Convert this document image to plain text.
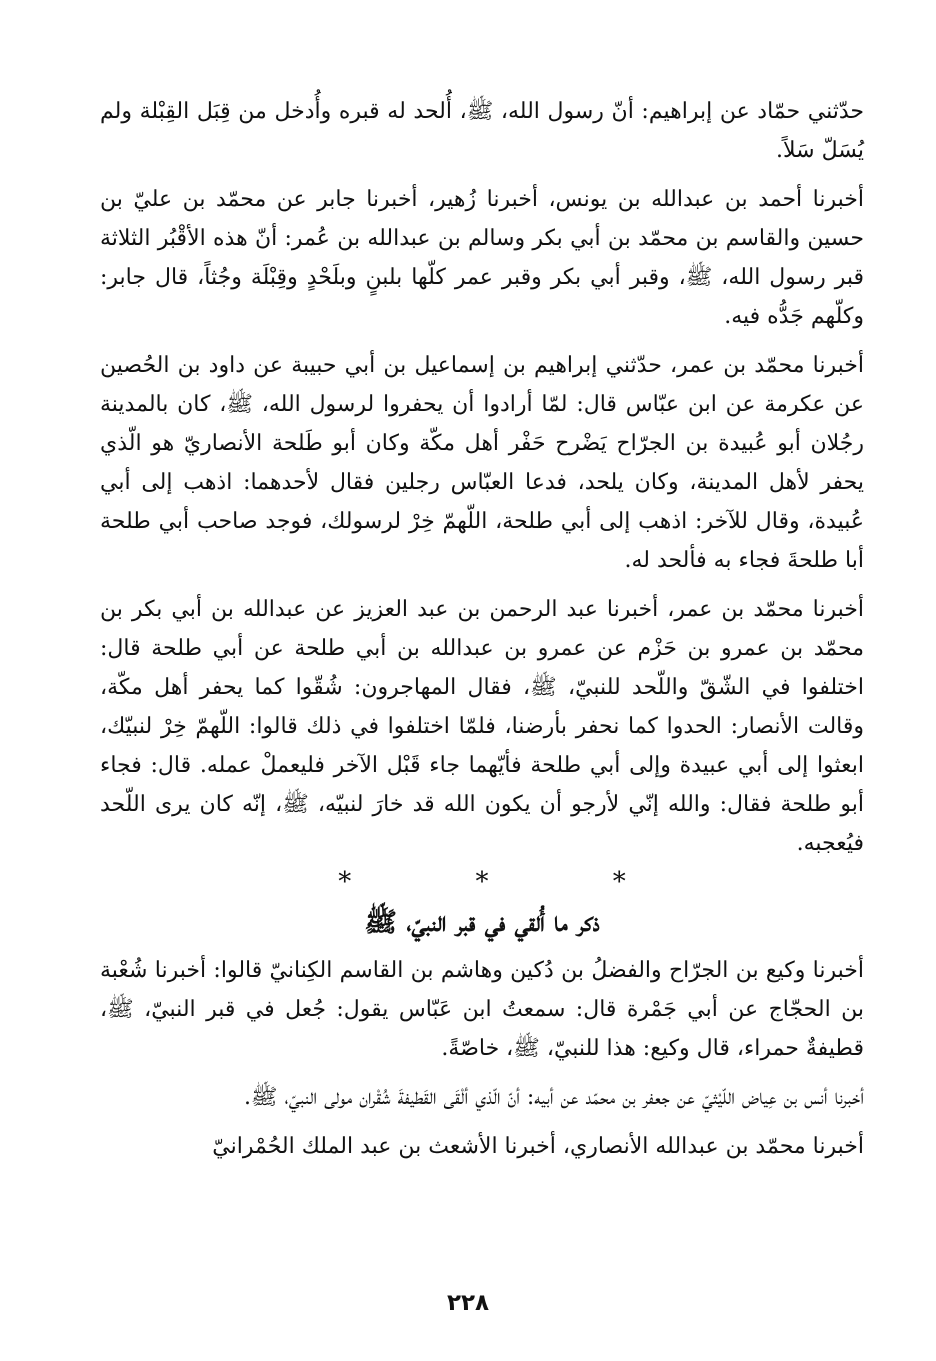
حدّثني حمّاد عن إبراهيم: أنّ رسول الله، ﷺ، أُلحد له قبره وأُدخل من قِبَل القِبْلة ولم يُسَلّ سَلاً.

أخبرنا أحمد بن عبدالله بن يونس، أخبرنا زُهير، أخبرنا جابر عن محمّد بن عليّ بن حسين والقاسم بن محمّد بن أبي بكر وسالم بن عبدالله بن عُمر: أنّ هذه الأقْبُر الثلاثة قبر رسول الله، ﷺ، وقبر أبي بكر وقبر عمر كلّها بلبنٍ وبلَحْدٍ وقِبْلَة وجُثاً، قال جابر: وكلّهم جَدُّه فيه.

أخبرنا محمّد بن عمر، حدّثني إبراهيم بن إسماعيل بن أبي حبيبة عن داود بن الحُصين عن عكرمة عن ابن عبّاس قال: لمّا أرادوا أن يحفروا لرسول الله، ﷺ، كان بالمدينة رجُلان أبو عُبيدة بن الجرّاح يَضْرح حَفْر أهل مكّة وكان أبو طَلحة الأنصاريّ هو الّذي يحفر لأهل المدينة، وكان يلحد، فدعا العبّاس رجلين فقال لأحدهما: اذهب إلى أبي عُبيدة، وقال للآخر: اذهب إلى أبي طلحة، اللّهمّ خِرْ لرسولك، فوجد صاحب أبي طلحة أبا طلحةَ فجاء به فألحد له.

أخبرنا محمّد بن عمر، أخبرنا عبد الرحمن بن عبد العزيز عن عبدالله بن أبي بكر بن محمّد بن عمرو بن حَزْم عن عمرو بن عبدالله بن أبي طلحة عن أبي طلحة قال: اختلفوا في الشّقّ واللّحد للنبيّ، ﷺ، فقال المهاجرون: شُقّوا كما يحفر أهل مكّة، وقالت الأنصار: الحدوا كما نحفر بأرضنا، فلمّا اختلفوا في ذلك قالوا: اللّهمّ خِرْ لنبيّك، ابعثوا إلى أبي عبيدة وإلى أبي طلحة فأيّهما جاء قَبْل الآخر فليعملْ عمله. قال: فجاء أبو طلحة فقال: والله إنّي لأرجو أن يكون الله قد خارَ لنبيّه، ﷺ، إنّه كان يرى اللّحد فيُعجبه.

* * *
ذكر ما أُلقي في قبر النبيّ، ﷺ

أخبرنا وكيع بن الجرّاح والفضلُ بن دُكين وهاشم بن القاسم الكِنانيّ قالوا: أخبرنا شُعْبة بن الحجّاج عن أبي جَمْرة قال: سمعتُ ابن عَبّاس يقول: جُعل في قبر النبيّ، ﷺ، قطيفةٌ حمراء، قال وكيع: هذا للنبيّ، ﷺ، خاصّةً.

أخبرنا أنس بن عِياض اللّيْثيّ عن جعفر بن محمّد عن أبيه: أنّ الّذي ألْقَى القَطيفةَ شُقْران مولى النبيّ، ﷺ.

أخبرنا محمّد بن عبدالله الأنصاري، أخبرنا الأشعث بن عبد الملك الحُمْرانيّ

٢٢٨
